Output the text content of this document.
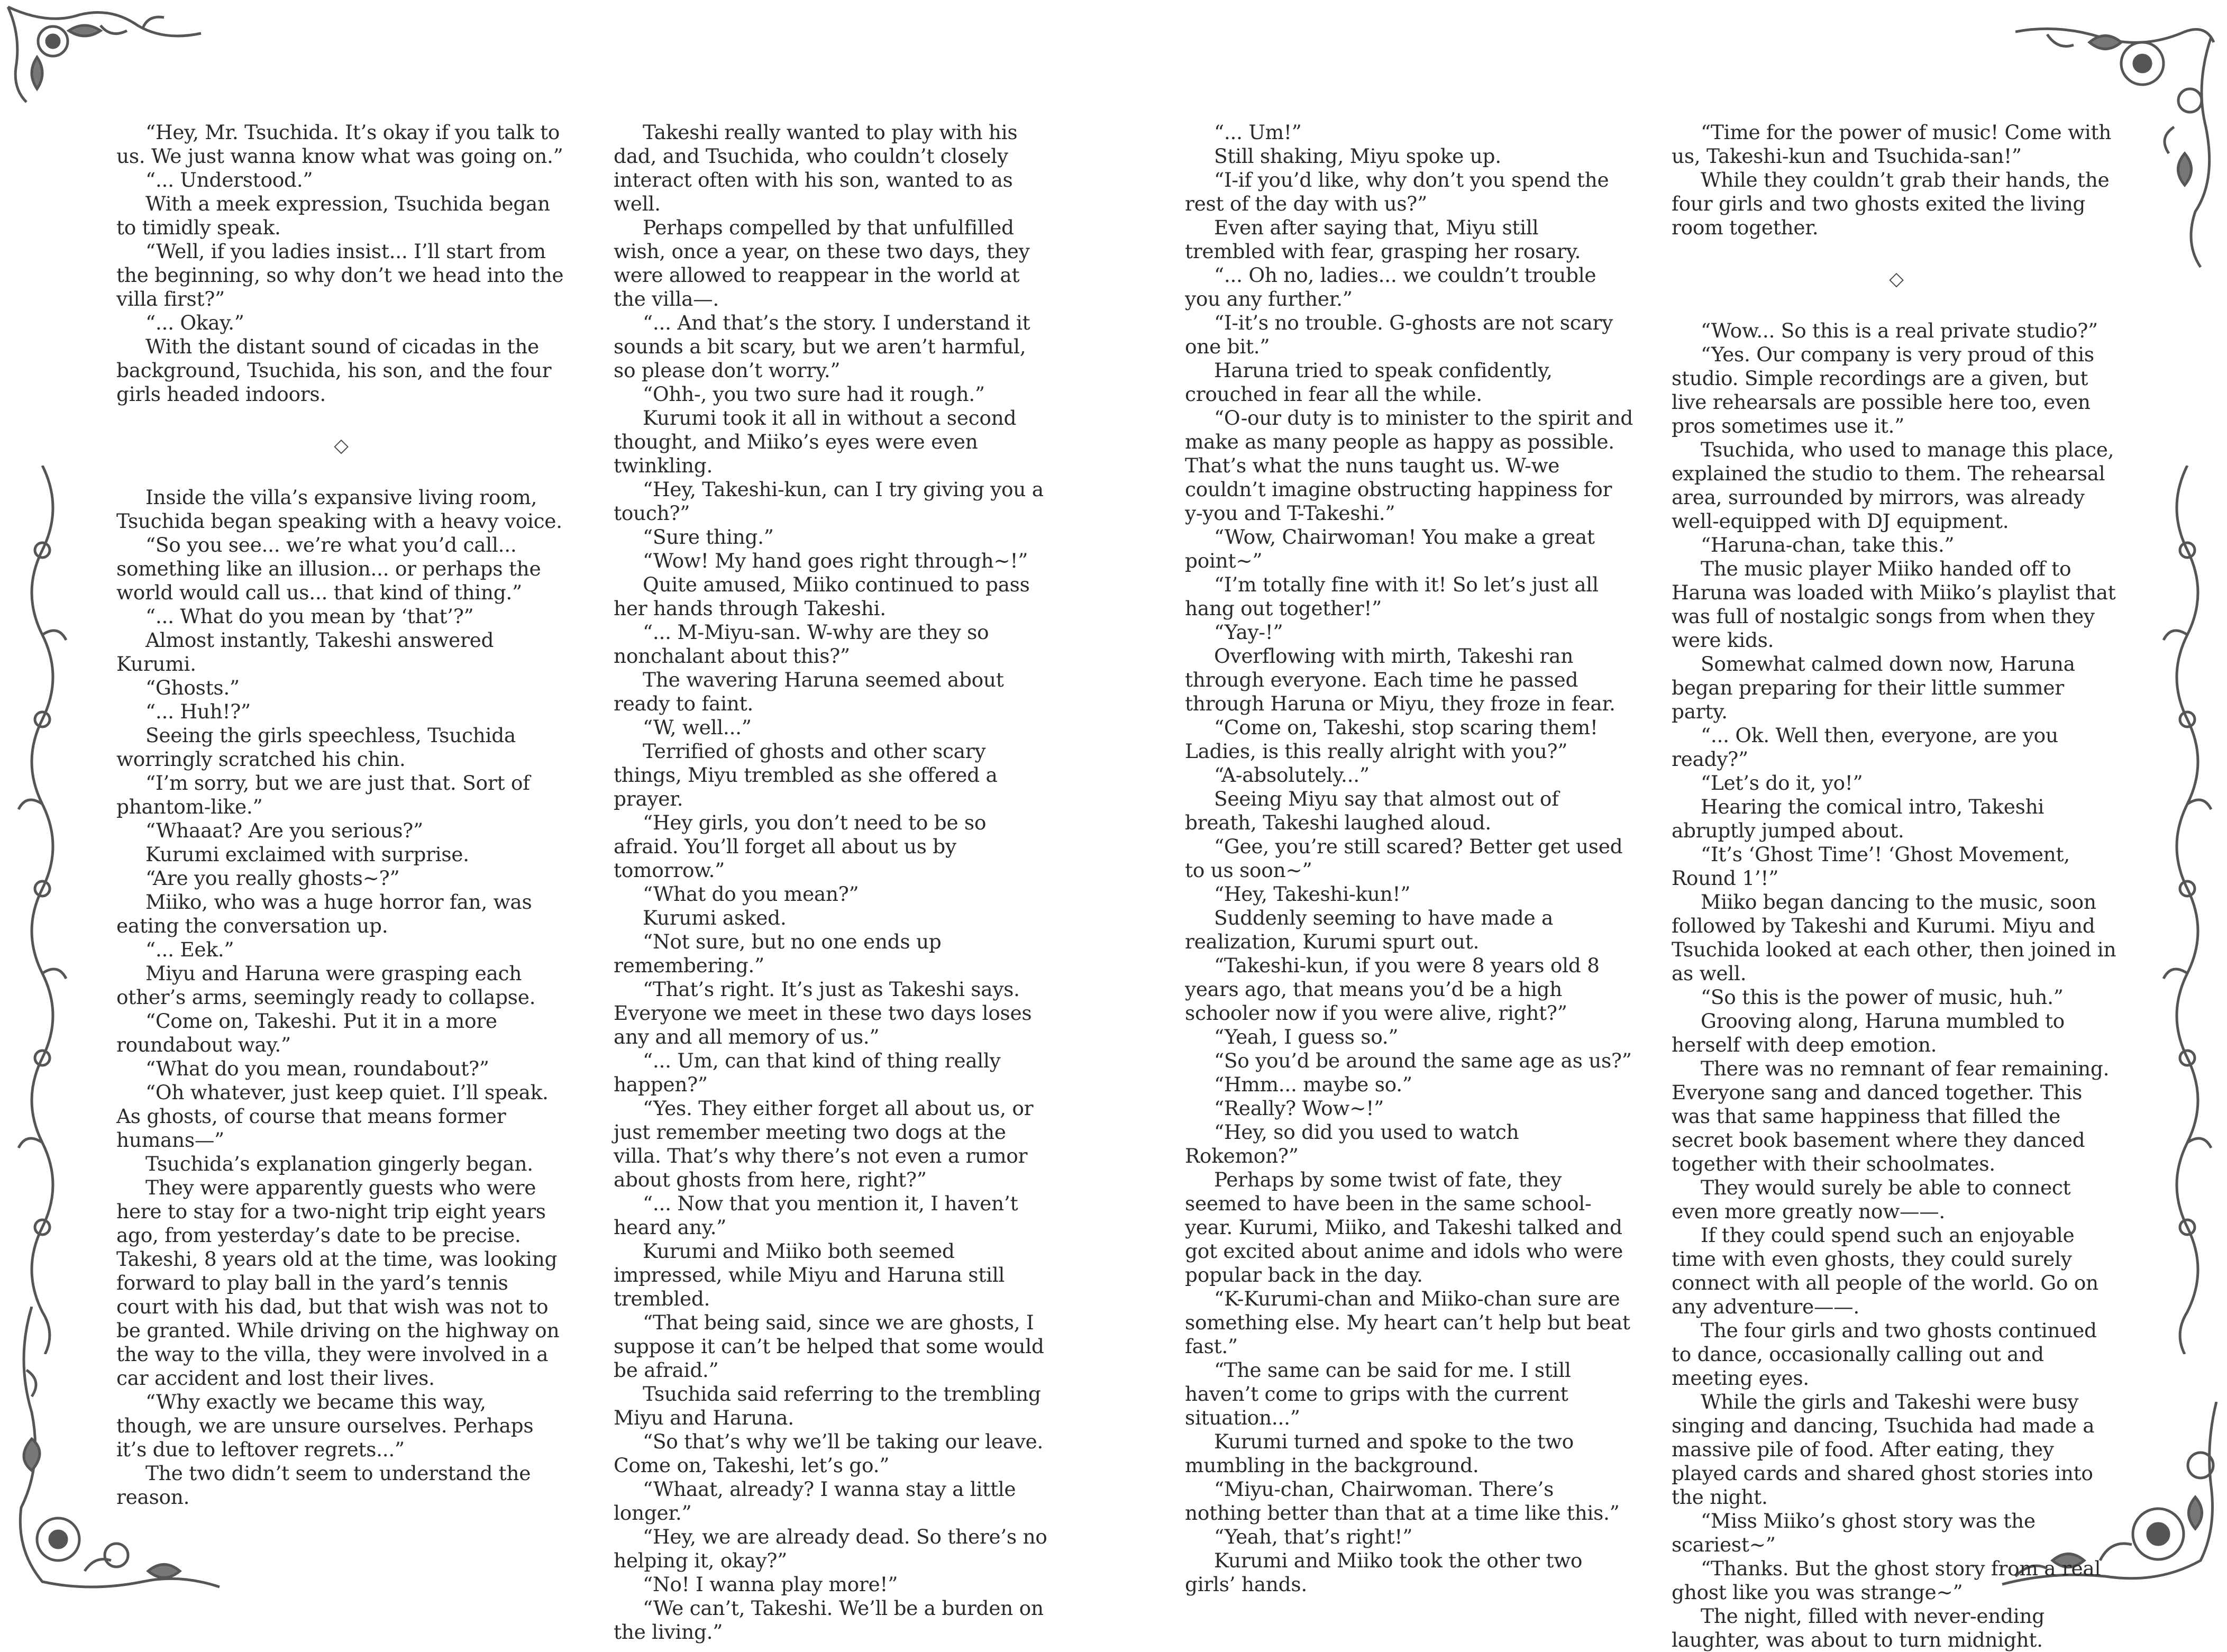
“Hey, Mr. Tsuchida. It’s okay if you talk to us. We just wanna know what was going on.”

“... Understood.”

With a meek expression, Tsuchida began to timidly speak.

“Well, if you ladies insist... I’ll start from the beginning, so why don’t we head into the villa first?”

“... Okay.”

With the distant sound of cicadas in the background, Tsuchida, his son, and the four girls headed indoors.

◇

Inside the villa’s expansive living room, Tsuchida began speaking with a heavy voice.

“So you see... we’re what you’d call... something like an illusion... or perhaps the world would call us... that kind of thing.”

“... What do you mean by ‘that’?”

Almost instantly, Takeshi answered Kurumi.

“Ghosts.”

“... Huh!?”

Seeing the girls speechless, Tsuchida worringly scratched his chin.

“I’m sorry, but we are just that. Sort of phantom-like.”

“Whaaat? Are you serious?”

Kurumi exclaimed with surprise.

“Are you really ghosts~?”

Miiko, who was a huge horror fan, was eating the conversation up.

“... Eek.”

Miyu and Haruna were grasping each other’s arms, seemingly ready to collapse.

“Come on, Takeshi. Put it in a more roundabout way.”

“What do you mean, roundabout?”

“Oh whatever, just keep quiet. I’ll speak. As ghosts, of course that means former humans—”

Tsuchida’s explanation gingerly began.

They were apparently guests who were here to stay for a two-night trip eight years ago, from yesterday’s date to be precise. Takeshi, 8 years old at the time, was looking forward to play ball in the yard’s tennis court with his dad, but that wish was not to be granted. While driving on the highway on the way to the villa, they were involved in a car accident and lost their lives.

“Why exactly we became this way, though, we are unsure ourselves. Perhaps it’s due to leftover regrets...”

The two didn’t seem to understand the reason.

Takeshi really wanted to play with his dad, and Tsuchida, who couldn’t closely interact often with his son, wanted to as well.

Perhaps compelled by that unfulfilled wish, once a year, on these two days, they were allowed to reappear in the world at the villa—.

“... And that’s the story. I understand it sounds a bit scary, but we aren’t harmful, so please don’t worry.”

“Ohh-, you two sure had it rough.”

Kurumi took it all in without a second thought, and Miiko’s eyes were even twinkling.

“Hey, Takeshi-kun, can I try giving you a touch?”

“Sure thing.”

“Wow! My hand goes right through~!”

Quite amused, Miiko continued to pass her hands through Takeshi.

“... M-Miyu-san. W-why are they so nonchalant about this?”

The wavering Haruna seemed about ready to faint.

“W, well...”

Terrified of ghosts and other scary things, Miyu trembled as she offered a prayer.

“Hey girls, you don’t need to be so afraid. You’ll forget all about us by tomorrow.”

“What do you mean?”

Kurumi asked.

“Not sure, but no one ends up remembering.”

“That’s right. It’s just as Takeshi says. Everyone we meet in these two days loses any and all memory of us.”

“... Um, can that kind of thing really happen?”

“Yes. They either forget all about us, or just remember meeting two dogs at the villa. That’s why there’s not even a rumor about ghosts from here, right?”

“... Now that you mention it, I haven’t heard any.”

Kurumi and Miiko both seemed impressed, while Miyu and Haruna still trembled.

“That being said, since we are ghosts, I suppose it can’t be helped that some would be afraid.”

Tsuchida said referring to the trembling Miyu and Haruna.

“So that’s why we’ll be taking our leave. Come on, Takeshi, let’s go.”

“Whaat, already? I wanna stay a little longer.”

“Hey, we are already dead. So there’s no helping it, okay?”

“No! I wanna play more!”

“We can’t, Takeshi. We’ll be a burden on the living.”

“... Um!”

Still shaking, Miyu spoke up.

“I-if you’d like, why don’t you spend the rest of the day with us?”

Even after saying that, Miyu still trembled with fear, grasping her rosary.

“... Oh no, ladies... we couldn’t trouble you any further.”

“I-it’s no trouble. G-ghosts are not scary one bit.”

Haruna tried to speak confidently, crouched in fear all the while.

“O-our duty is to minister to the spirit and make as many people as happy as possible. That’s what the nuns taught us. W-we couldn’t imagine obstructing happiness for y-you and T-Takeshi.”

“Wow, Chairwoman! You make a great point~”

“I’m totally fine with it! So let’s just all hang out together!”

“Yay-!”

Overflowing with mirth, Takeshi ran through everyone. Each time he passed through Haruna or Miyu, they froze in fear.

“Come on, Takeshi, stop scaring them! Ladies, is this really alright with you?”

“A-absolutely...”

Seeing Miyu say that almost out of breath, Takeshi laughed aloud.

“Gee, you’re still scared? Better get used to us soon~”

“Hey, Takeshi-kun!”

Suddenly seeming to have made a realization, Kurumi spurt out.

“Takeshi-kun, if you were 8 years old 8 years ago, that means you’d be a high schooler now if you were alive, right?”

“Yeah, I guess so.”

“So you’d be around the same age as us?”

“Hmm... maybe so.”

“Really? Wow~!”

“Hey, so did you used to watch Rokemon?”

Perhaps by some twist of fate, they seemed to have been in the same school-year. Kurumi, Miiko, and Takeshi talked and got excited about anime and idols who were popular back in the day.

“K-Kurumi-chan and Miiko-chan sure are something else. My heart can’t help but beat fast.”

“The same can be said for me. I still haven’t come to grips with the current situation...”

Kurumi turned and spoke to the two mumbling in the background.

“Miyu-chan, Chairwoman. There’s nothing better than that at a time like this.”

“Yeah, that’s right!”

Kurumi and Miiko took the other two girls’ hands.

“Time for the power of music! Come with us, Takeshi-kun and Tsuchida-san!”

While they couldn’t grab their hands, the four girls and two ghosts exited the living room together.

◇

“Wow... So this is a real private studio?”

“Yes. Our company is very proud of this studio. Simple recordings are a given, but live rehearsals are possible here too, even pros sometimes use it.”

Tsuchida, who used to manage this place, explained the studio to them. The rehearsal area, surrounded by mirrors, was already well-equipped with DJ equipment.

“Haruna-chan, take this.”

The music player Miiko handed off to Haruna was loaded with Miiko’s playlist that was full of nostalgic songs from when they were kids.

Somewhat calmed down now, Haruna began preparing for their little summer party.

“... Ok. Well then, everyone, are you ready?”

“Let’s do it, yo!”

Hearing the comical intro, Takeshi abruptly jumped about.

“It’s ‘Ghost Time’! ‘Ghost Movement, Round 1’!”

Miiko began dancing to the music, soon followed by Takeshi and Kurumi. Miyu and Tsuchida looked at each other, then joined in as well.

“So this is the power of music, huh.”

Grooving along, Haruna mumbled to herself with deep emotion.

There was no remnant of fear remaining. Everyone sang and danced together. This was that same happiness that filled the secret book basement where they danced together with their schoolmates.

They would surely be able to connect even more greatly now——.

If they could spend such an enjoyable time with even ghosts, they could surely connect with all people of the world. Go on any adventure——.

The four girls and two ghosts continued to dance, occasionally calling out and meeting eyes.

While the girls and Takeshi were busy singing and dancing, Tsuchida had made a massive pile of food. After eating, they played cards and shared ghost stories into the night.

“Miss Miiko’s ghost story was the scariest~”

“Thanks. But the ghost story from a real ghost like you was strange~”

The night, filled with never-ending laughter, was about to turn midnight.
